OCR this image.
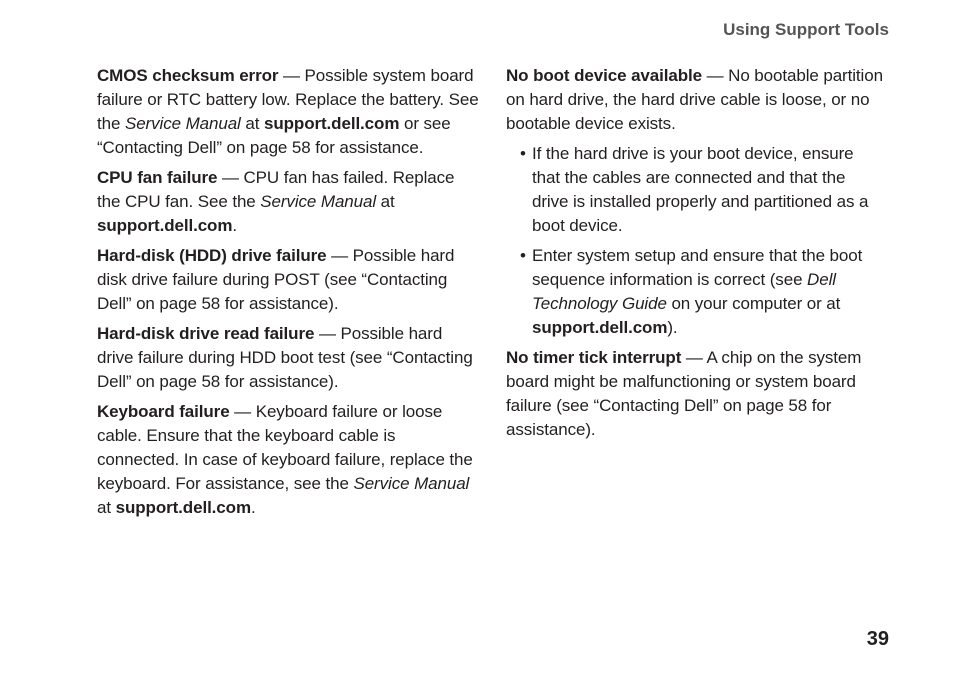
Using Support Tools

CMOS checksum error — Possible system board failure or RTC battery low. Replace the battery. See the Service Manual at support.dell.com or see “Contacting Dell” on page 58 for assistance.

CPU fan failure — CPU fan has failed. Replace the CPU fan. See the Service Manual at
support.dell.com.

Hard-disk (HDD) drive failure — Possible hard disk drive failure during POST (see “Contacting Dell” on page 58 for assistance).

Hard-disk drive read failure — Possible hard drive failure during HDD boot test (see “Contacting Dell” on page 58 for assistance).

Keyboard failure — Keyboard failure or loose cable. Ensure that the keyboard cable is connected. In case of keyboard failure, replace the keyboard. For assistance, see the Service Manual at support.dell.com.

No boot device available — No bootable partition on hard drive, the hard drive cable is loose, or no bootable device exists.

• If the hard drive is your boot device, ensure that the cables are connected and that the drive is installed properly and partitioned as a boot device.
• Enter system setup and ensure that the boot sequence information is correct (see Dell Technology Guide on your computer or at support.dell.com).

No timer tick interrupt — A chip on the system board might be malfunctioning or system board failure (see “Contacting Dell” on page 58 for assistance).

39
